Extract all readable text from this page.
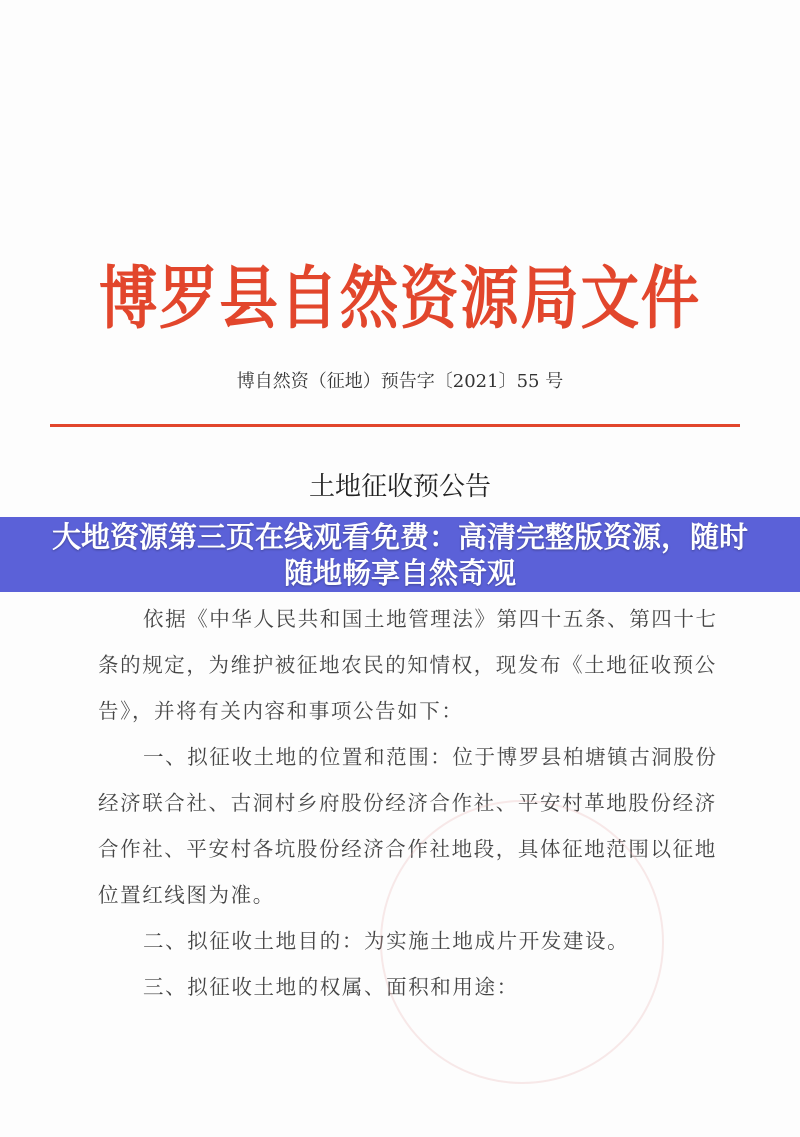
博罗县自然资源局文件
博自然资（征地）预告字〔2021〕55 号
土地征收预公告
依据《中华人民共和国土地管理法》第四十五条、第四十七
条的规定，为维护被征地农民的知情权，现发布《土地征收预公
告》，并将有关内容和事项公告如下：
一、拟征收土地的位置和范围：位于博罗县柏塘镇古洞股份
经济联合社、古洞村乡府股份经济合作社、平安村革地股份经济
合作社、平安村各坑股份经济合作社地段，具体征地范围以征地
位置红线图为准。
二、拟征收土地目的：为实施土地成片开发建设。
三、拟征收土地的权属、面积和用途：
大地资源第三页在线观看免费：高清完整版资源，随时随地畅享自然奇观
